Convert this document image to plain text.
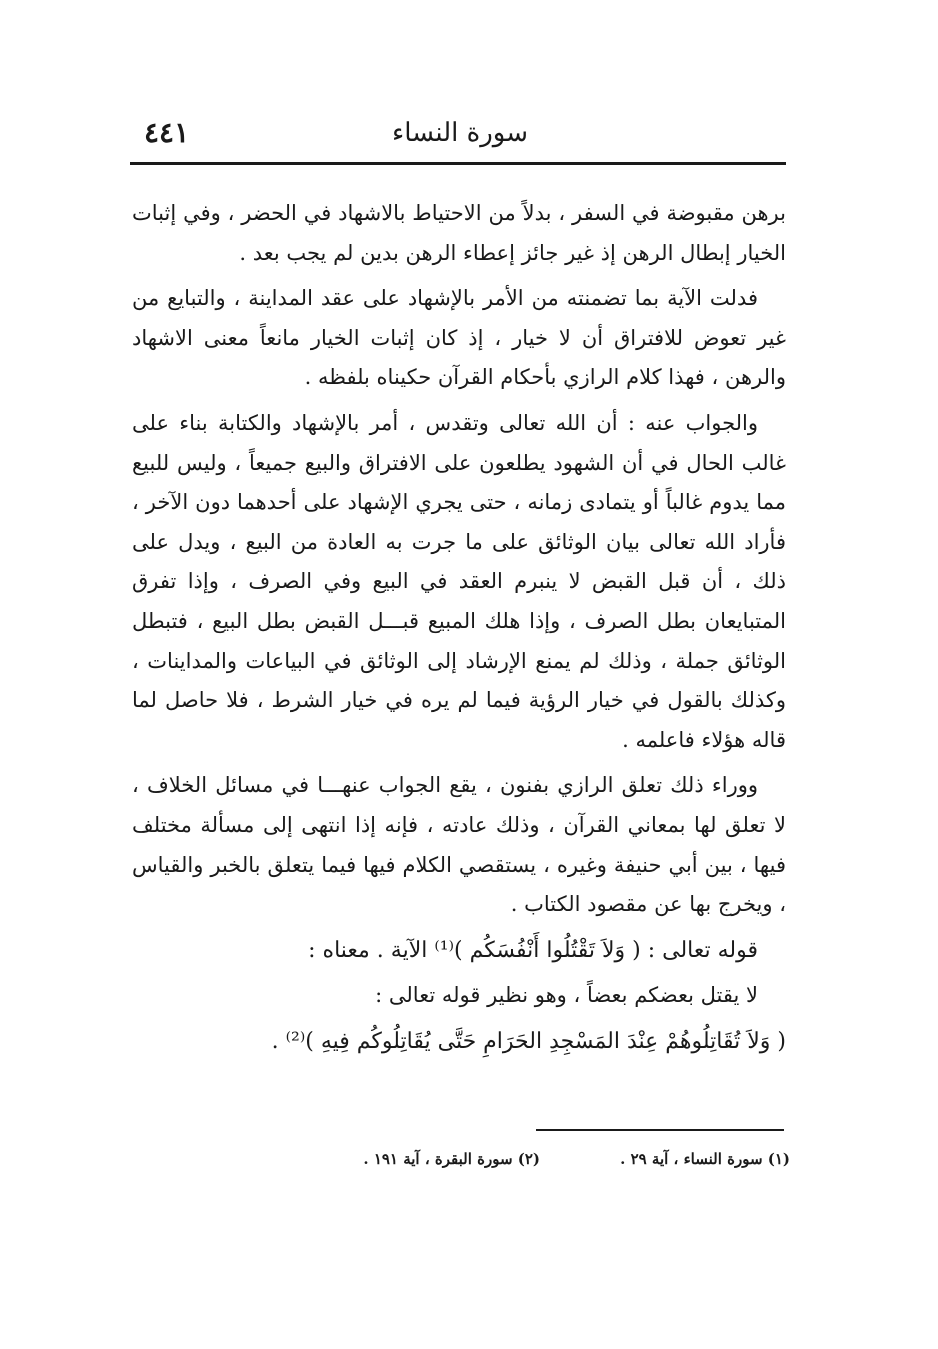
سورة النساء
٤٤١

برهن مقبوضة في السفر ، بدلاً من الاحتياط بالاشهاد في الحضر ، وفي إثبات الخيار إبطال الرهن إذ غير جائز إعطاء الرهن بدين لم يجب بعد .

فدلت الآية بما تضمنته من الأمر بالإشهاد على عقد المداينة ، والتبايع من غير تعوض للافتراق أن لا خيار ، إذ كان إثبات الخيار مانعاً معنى الاشهاد والرهن ، فهذا كلام الرازي بأحكام القرآن حكيناه بلفظه .

والجواب عنه : أن الله تعالى وتقدس ، أمر بالإشهاد والكتابة بناء على غالب الحال في أن الشهود يطلعون على الافتراق والبيع جميعاً ، وليس للبيع مما يدوم غالباً أو يتمادى زمانه ، حتى يجري الإشهاد على أحدهما دون الآخر ، فأراد الله تعالى بيان الوثائق على ما جرت به العادة من البيع ، ويدل على ذلك ، أن قبل القبض لا ينبرم العقد في البيع وفي الصرف ، وإذا تفرق المتبايعان بطل الصرف ، وإذا هلك المبيع قبـــل القبض بطل البيع ، فتبطل الوثائق جملة ، وذلك لم يمنع الإرشاد إلى الوثائق في البياعات والمداينات ، وكذلك بالقول في خيار الرؤية فيما لم يره في خيار الشرط ، فلا حاصل لما قاله هؤلاء فاعلمه .

ووراء ذلك تعلق الرازي بفنون ، يقع الجواب عنهـــا في مسائل الخلاف ، لا تعلق لها بمعاني القرآن ، وذلك عادته ، فإنه إذا انتهى إلى مسألة مختلف فيها ، بين أبي حنيفة وغيره ، يستقصي الكلام فيها فيما يتعلق بالخبر والقياس ، ويخرج بها عن مقصود الكتاب .

قوله تعالى : ( وَلاَ تَقْتُلُوا أَنْفُسَكُم )⁽¹⁾ الآية . معناه :

لا يقتل بعضكم بعضاً ، وهو نظير قوله تعالى :

( وَلاَ تُقَاتِلُوهُمْ عِنْدَ المَسْجِدِ الحَرَامِ حَتَّى يُقَاتِلُوكُم فِيهِ )⁽²⁾ .

(١) سورة النساء ، آية ٢٩ .
(٢) سورة البقرة ، آية ١٩١ .
